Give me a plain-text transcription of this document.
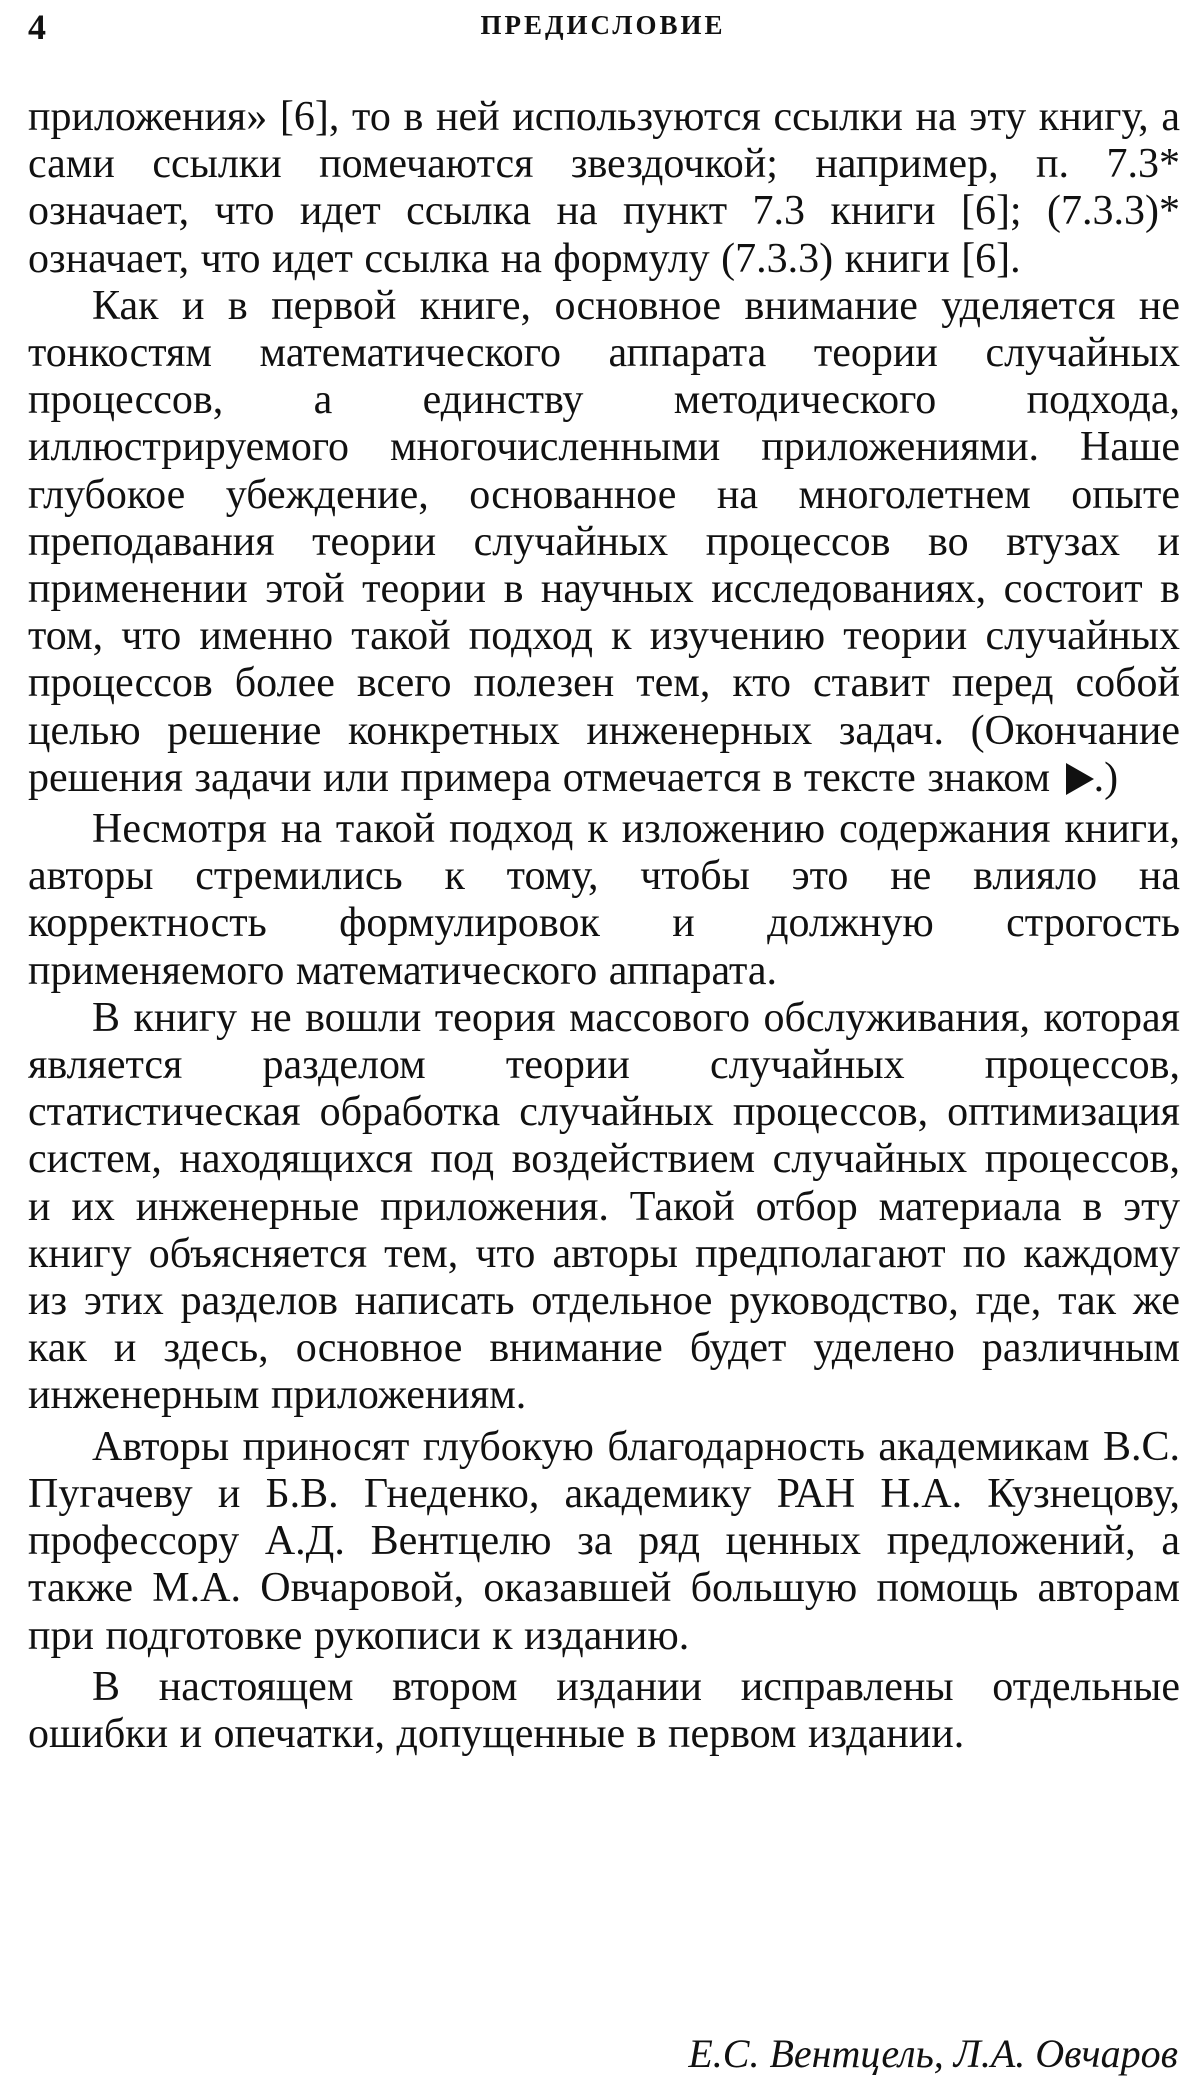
4	ПРЕДИСЛОВИЕ

приложения» [6], то в ней используются ссылки на эту книгу, а сами ссылки помечаются звездочкой; например, п. 7.3* означает, что идет ссылка на пункт 7.3 книги [6]; (7.3.3)* означает, что идет ссылка на формулу (7.3.3) книги [6].

Как и в первой книге, основное внимание уделяется не тонкостям математического аппарата теории случайных процессов, а единству методического подхода, иллюстрируемого многочисленными приложениями. Наше глубокое убеждение, основанное на многолетнем опыте преподавания теории случайных процессов во втузах и применении этой теории в научных исследованиях, состоит в том, что именно такой подход к изучению теории случайных процессов более всего полезен тем, кто ставит перед собой целью решение конкретных инженерных задач. (Окончание решения задачи или примера отмечается в тексте знаком .)

Несмотря на такой подход к изложению содержания книги, авторы стремились к тому, чтобы это не влияло на корректность формулировок и должную строгость применяемого математического аппарата.

В книгу не вошли теория массового обслуживания, которая является разделом теории случайных процессов, статистическая обработка случайных процессов, оптимизация систем, находящихся под воздействием случайных процессов, и их инженерные приложения. Такой отбор материала в эту книгу объясняется тем, что авторы предполагают по каждому из этих разделов написать отдельное руководство, где, так же как и здесь, основное внимание будет уделено различным инженерным приложениям.

Авторы приносят глубокую благодарность академикам В.С. Пугачеву и Б.В. Гнеденко, академику РАН Н.А. Кузнецову, профессору А.Д. Вентцелю за ряд ценных предложений, а также М.А. Овчаровой, оказавшей большую помощь авторам при подготовке рукописи к изданию.

В настоящем втором издании исправлены отдельные ошибки и опечатки, допущенные в первом издании.

Е.С. Вентцель, Л.А. Овчаров
